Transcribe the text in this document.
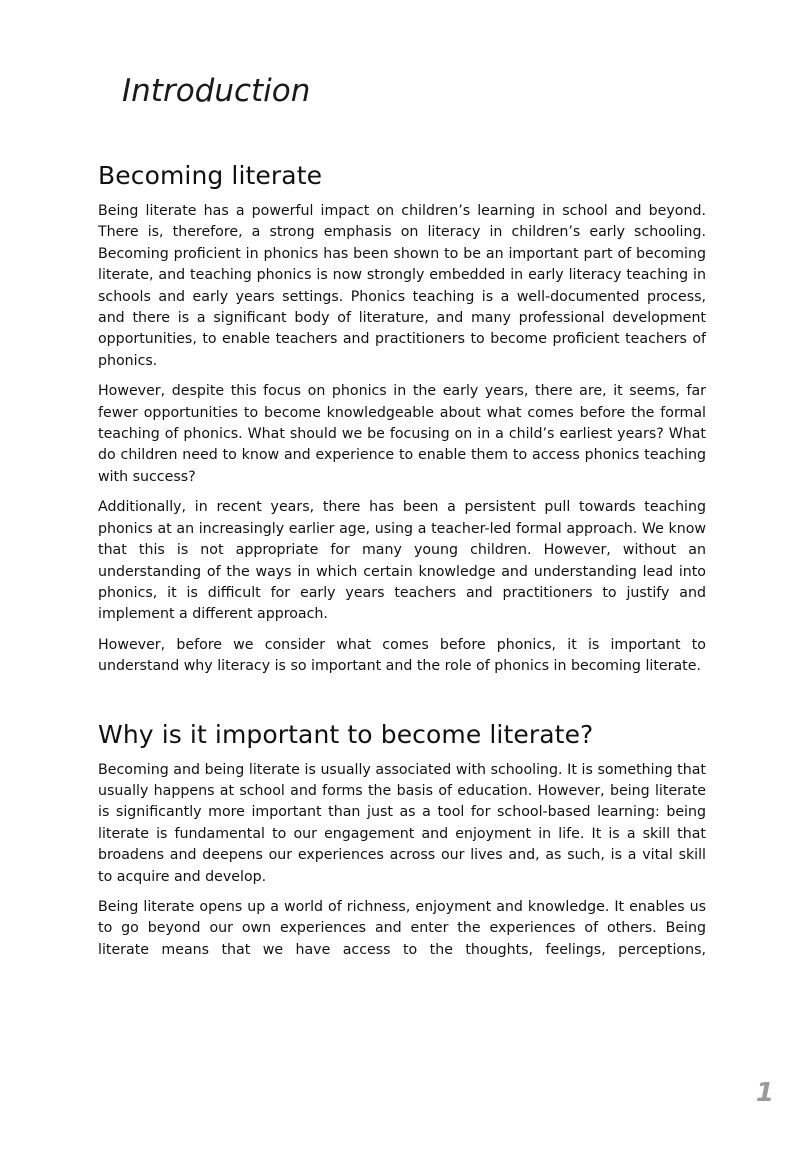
Introduction
Becoming literate

Being literate has a powerful impact on children’s learning in school and beyond. There is, therefore, a strong emphasis on literacy in children’s early schooling. Becoming proficient in phonics has been shown to be an important part of becoming literate, and teaching phonics is now strongly embedded in early literacy teaching in schools and early years settings. Phonics teaching is a well-documented process, and there is a significant body of literature, and many professional development opportunities, to enable teachers and practitioners to become proficient teachers of phonics.

However, despite this focus on phonics in the early years, there are, it seems, far fewer opportunities to become knowledgeable about what comes before the formal teaching of phonics. What should we be focusing on in a child’s earliest years? What do children need to know and experience to enable them to access phonics teaching with success?

Additionally, in recent years, there has been a persistent pull towards teaching phonics at an increasingly earlier age, using a teacher-led formal approach. We know that this is not appropriate for many young children. However, without an understanding of the ways in which certain knowledge and understanding lead into phonics, it is difficult for early years teachers and practitioners to justify and implement a different approach.

However, before we consider what comes before phonics, it is important to understand why literacy is so important and the role of phonics in becoming literate.

Why is it important to become literate?

Becoming and being literate is usually associated with schooling. It is something that usually happens at school and forms the basis of education. However, being literate is significantly more important than just as a tool for school-based learning: being literate is fundamental to our engagement and enjoyment in life. It is a skill that broadens and deepens our experiences across our lives and, as such, is a vital skill to acquire and develop.

Being literate opens up a world of richness, enjoyment and knowledge. It enables us to go beyond our own experiences and enter the experiences of others. Being literate means that we have access to the thoughts, feelings, perceptions,

1
